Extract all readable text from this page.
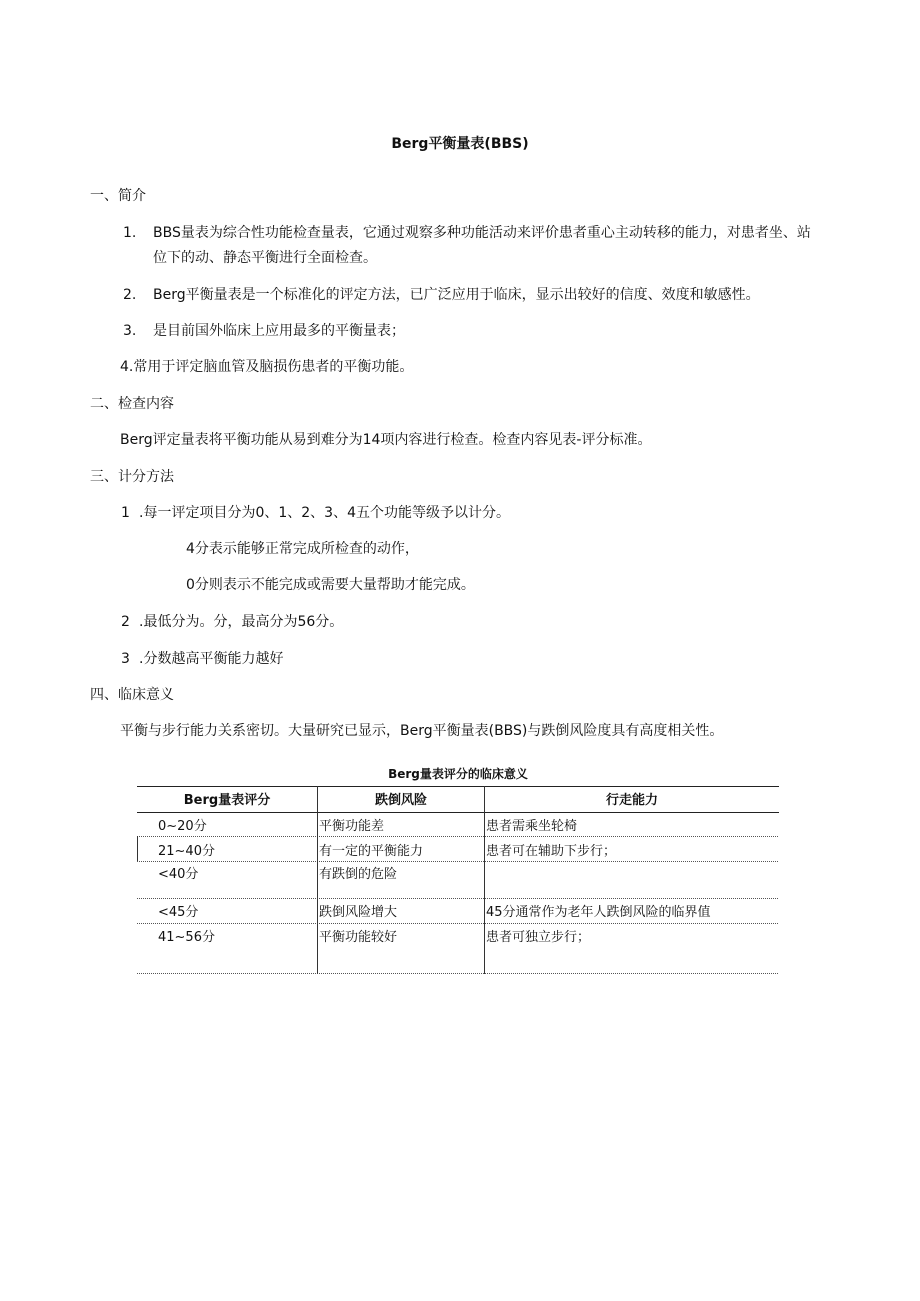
Berg平衡量表(BBS)
一、简介
1. BBS量表为综合性功能检查量表，它通过观察多种功能活动来评价患者重心主动转移的能力，对患者坐、站
位下的动、静态平衡进行全面检查。
2. Berg平衡量表是一个标准化的评定方法，已广泛应用于临床，显示出较好的信度、效度和敏感性。
3. 是目前国外临床上应用最多的平衡量表；
4.常用于评定脑血管及脑损伤患者的平衡功能。
二、检查内容
Berg评定量表将平衡功能从易到难分为14项内容进行检查。检查内容见表-评分标准。
三、计分方法
1 .每一评定项目分为0、1、2、3、4五个功能等级予以计分。
4分表示能够正常完成所检查的动作，
0分则表示不能完成或需要大量帮助才能完成。
2 .最低分为。分，最高分为56分。
3 .分数越高平衡能力越好
四、临床意义
平衡与步行能力关系密切。大量研究已显示，Berg平衡量表(BBS)与跌倒风险度具有高度相关性。
Berg量表评分的临床意义
Berg量表评分	跌倒风险	行走能力
0~20分	平衡功能差	患者需乘坐轮椅
21~40分	有一定的平衡能力	患者可在辅助下步行；
<40分	有跌倒的危险
<45分	跌倒风险增大	45分通常作为老年人跌倒风险的临界值
41~56分	平衡功能较好	患者可独立步行；
